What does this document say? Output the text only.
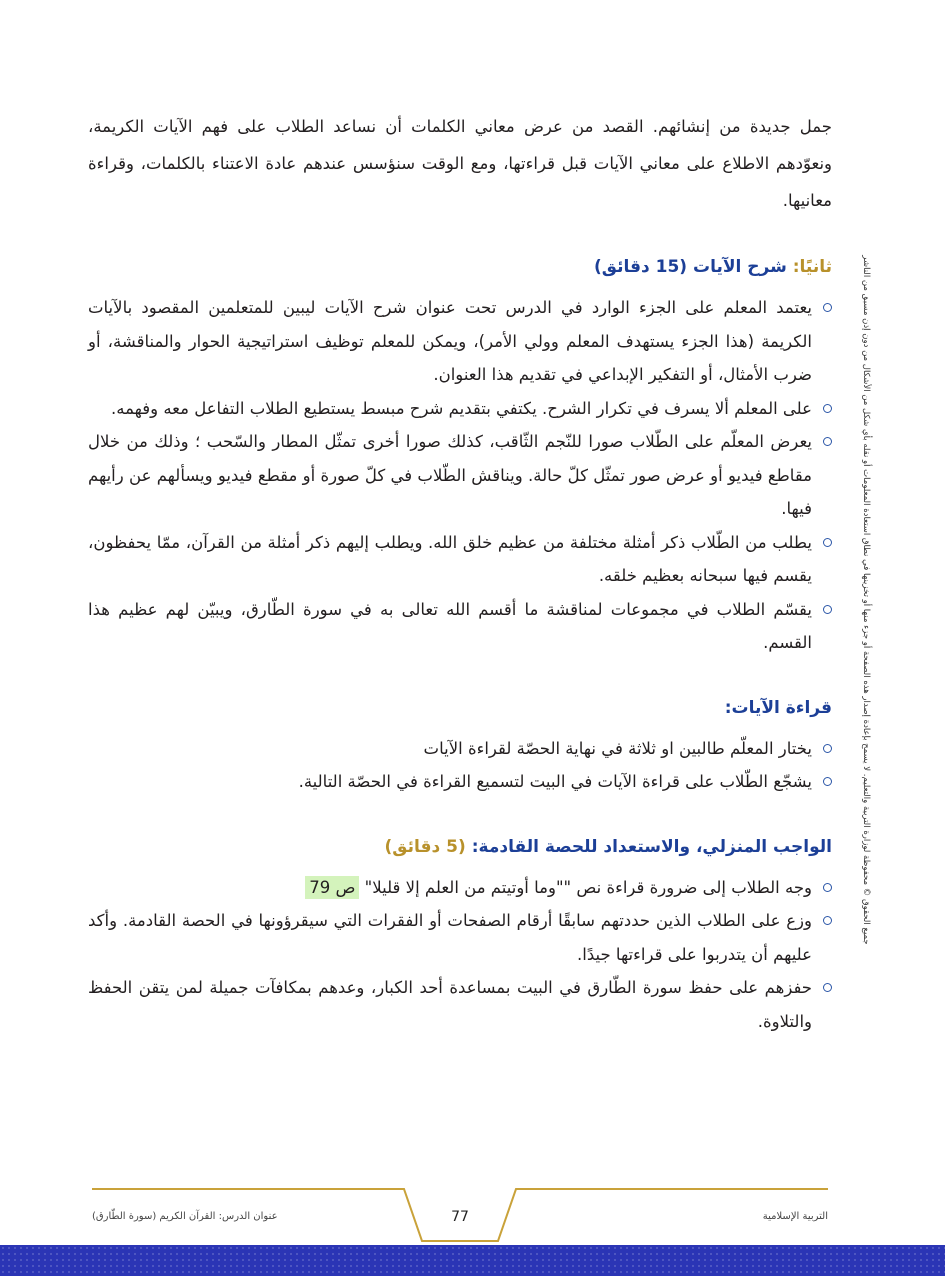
جمل جديدة من إنشائهم. القصد من عرض معاني الكلمات أن نساعد الطلاب على فهم الآيات الكريمة، ونعوّدهم الاطلاع على معاني الآيات قبل قراءتها، ومع الوقت سنؤسس عندهم عادة الاعتناء بالكلمات، وقراءة معانيها.

ثانيًا: شرح الآيات (15 دقائق)
يعتمد المعلم على الجزء الوارد في الدرس تحت عنوان شرح الآيات ليبين للمتعلمين المقصود بالآيات الكريمة (هذا الجزء يستهدف المعلم وولي الأمر)، ويمكن للمعلم توظيف استراتيجية الحوار والمناقشة، أو ضرب الأمثال، أو التفكير الإبداعي في تقديم هذا العنوان.
على المعلم ألا يسرف في تكرار الشرح. يكتفي بتقديم شرح مبسط يستطيع الطلاب التفاعل معه وفهمه.
يعرض المعلّم على الطّلاب صورا للنّجم الثّاقب، كذلك صورا أخرى تمثّل المطار والسّحب ؛ وذلك من خلال مقاطع فيديو أو عرض صور تمثّل كلّ حالة. ويناقش الطّلاب في كلّ صورة أو مقطع فيديو ويسألهم عن رأيهم فيها.
يطلب من الطّلاب ذكر أمثلة مختلفة من عظيم خلق الله. ويطلب إليهم ذكر أمثلة من القرآن، ممّا يحفظون، يقسم فيها سبحانه بعظيم خلقه.
يقسّم الطلاب في مجموعات لمناقشة ما أقسم الله تعالى به في سورة الطّارق، ويبيّن لهم عظيم هذا القسم.
قراءة الآيات:
يختار المعلّم طالبين او ثلاثة في نهاية الحصّة لقراءة الآيات
يشجّع الطّلاب على قراءة الآيات في البيت لتسميع القراءة في الحصّة التالية.
الواجب المنزلي، والاستعداد للحصة القادمة: (5 دقائق)
وجه الطلاب إلى ضرورة قراءة نص ""وما أوتيتم من العلم إلا قليلا" ص 79
وزع على الطلاب الذين حددتهم سابقًا أرقام الصفحات أو الفقرات التي سيقرؤونها في الحصة القادمة. وأكد عليهم أن يتدربوا على قراءتها جيدًا.
حفزهم على حفظ سورة الطّارق في البيت بمساعدة أحد الكبار، وعدهم بمكافآت جميلة لمن يتقن الحفظ والتلاوة.
جميع الحقوق © محفوظة لوزارة التربية والتعليم. لا يسمح بإعادة إصدار هذه الصفحة أو جزء منها أو تخزينها في نطاق استعادة المعلومات أو نقله بأي شكل من الأشكال من دون إذن مسبق من الناشر
عنوان الدرس: القرآن الكريم (سورة الطّارق)	77	التربية الإسلامية
